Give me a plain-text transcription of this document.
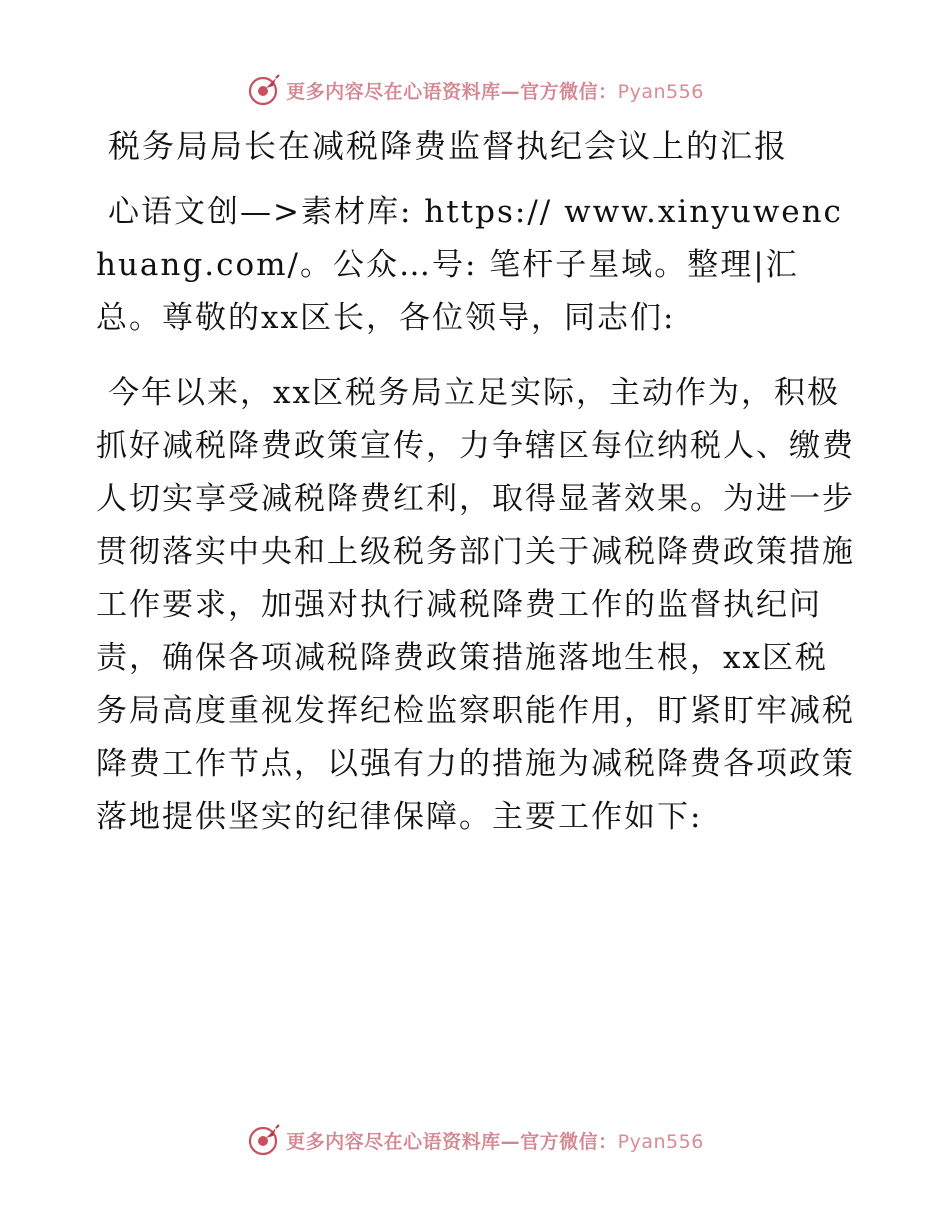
更多内容尽在心语资料库—官方微信：Pyan556
税务局局长在减税降费监督执纪会议上的汇报

心语文创—>素材库: https:// www.xinyuwenchuang.com/。公众…号: 笔杆子星域。整理|汇总。尊敬的xx区长，各位领导，同志们:

今年以来，xx区税务局立足实际，主动作为，积极抓好减税降费政策宣传，力争辖区每位纳税人、缴费人切实享受减税降费红利，取得显著效果。为进一步贯彻落实中央和上级税务部门关于减税降费政策措施工作要求，加强对执行减税降费工作的监督执纪问责，确保各项减税降费政策措施落地生根，xx区税务局高度重视发挥纪检监察职能作用，盯紧盯牢减税降费工作节点，以强有力的措施为减税降费各项政策落地提供坚实的纪律保障。主要工作如下:

更多内容尽在心语资料库—官方微信：Pyan556
